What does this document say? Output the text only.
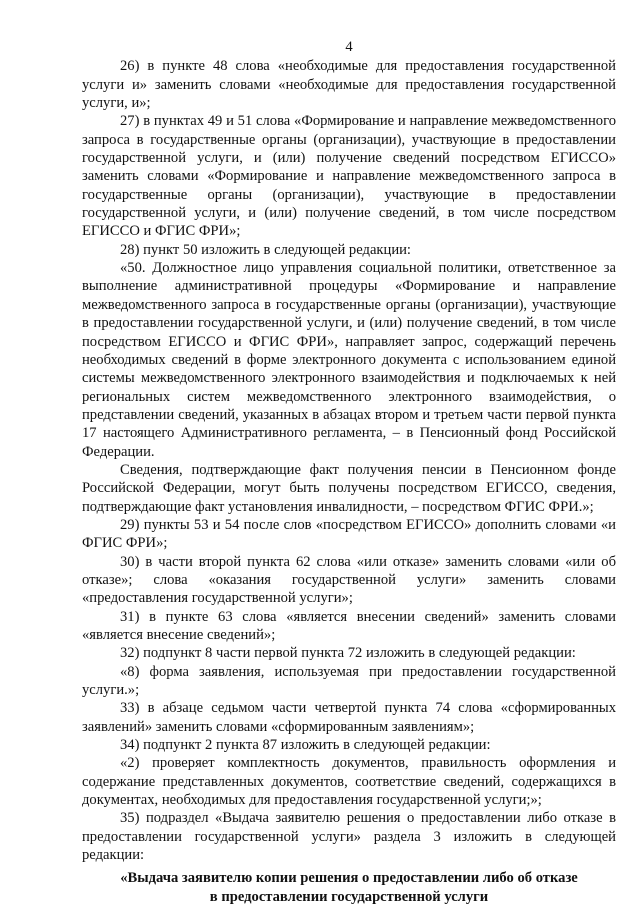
4

26) в пункте 48 слова «необходимые для предоставления государственной услуги и» заменить словами «необходимые для предоставления государственной услуги, и»;

27) в пунктах 49 и 51 слова «Формирование и направление межведомственного запроса в государственные органы (организации), участвующие в предоставлении государственной услуги, и (или) получение сведений посредством ЕГИССО» заменить словами «Формирование и направление межведомственного запроса в государственные органы (организации), участвующие в предоставлении государственной услуги, и (или) получение сведений, в том числе посредством ЕГИССО и ФГИС ФРИ»;

28) пункт 50 изложить в следующей редакции:

«50. Должностное лицо управления социальной политики, ответственное за выполнение административной процедуры «Формирование и направление межведомственного запроса в государственные органы (организации), участвующие в предоставлении государственной услуги, и (или) получение сведений, в том числе посредством ЕГИССО и ФГИС ФРИ», направляет запрос, содержащий перечень необходимых сведений в форме электронного документа с использованием единой системы межведомственного электронного взаимодействия и подключаемых к ней региональных систем межведомственного электронного взаимодействия, о представлении сведений, указанных в абзацах втором и третьем части первой пункта 17 настоящего Административного регламента, – в Пенсионный фонд Российской Федерации.

Сведения, подтверждающие факт получения пенсии в Пенсионном фонде Российской Федерации, могут быть получены посредством ЕГИССО, сведения, подтверждающие факт установления инвалидности, – посредством ФГИС ФРИ.»;

29) пункты 53 и 54 после слов «посредством ЕГИССО» дополнить словами «и ФГИС ФРИ»;

30) в части второй пункта 62 слова «или отказе» заменить словами «или об отказе»; слова «оказания государственной услуги» заменить словами «предоставления государственной услуги»;

31) в пункте 63 слова «является внесении сведений» заменить словами «является внесение сведений»;

32) подпункт 8 части первой пункта 72 изложить в следующей редакции:

«8) форма заявления, используемая при предоставлении государственной услуги.»;

33) в абзаце седьмом части четвертой пункта 74 слова «сформированных заявлений» заменить словами «сформированным заявлениям»;

34) подпункт 2 пункта 87 изложить в следующей редакции:

«2) проверяет комплектность документов, правильность оформления и содержание представленных документов, соответствие сведений, содержащихся в документах, необходимых для предоставления государственной услуги;»;

35) подраздел «Выдача заявителю решения о предоставлении либо отказе в предоставлении государственной услуги» раздела 3 изложить в следующей редакции:

«Выдача заявителю копии решения о предоставлении либо об отказе
в предоставлении государственной услуги
